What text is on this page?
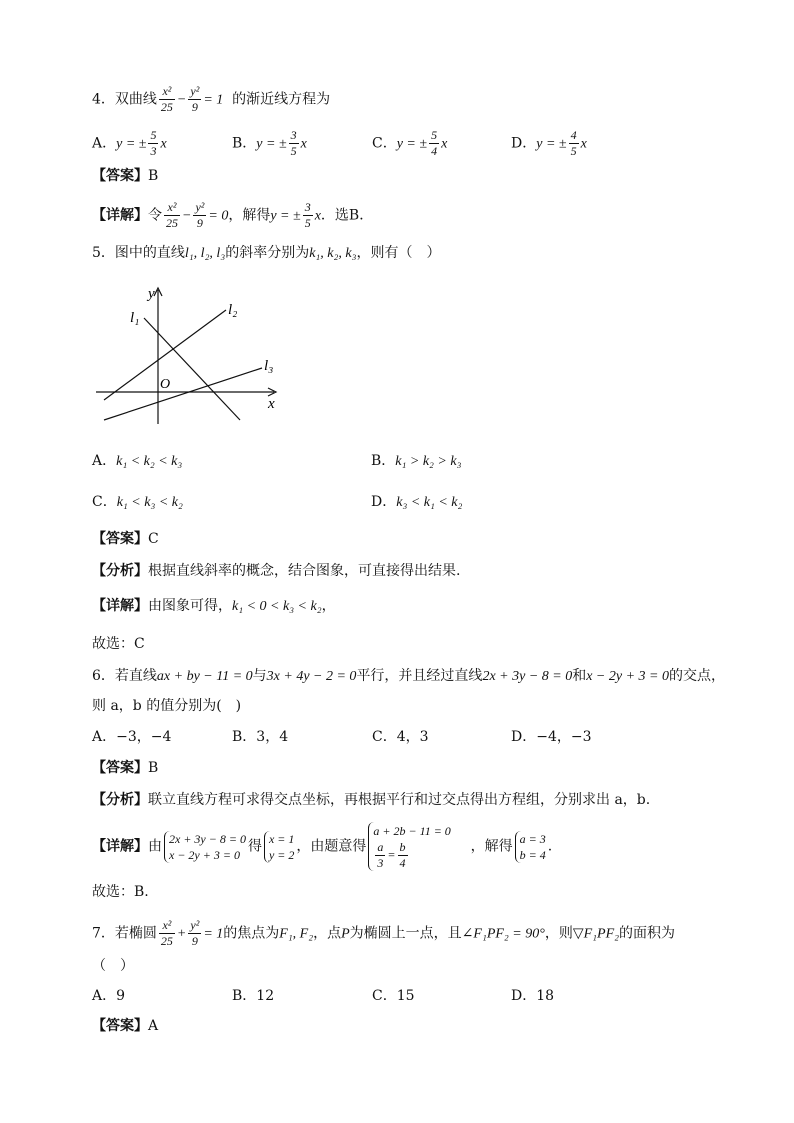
4．双曲线 $\frac{\text{x²}}{25} - \frac{\text{y²}}{9} = 1$ 的渐近线方程为
A．y = ± $\frac{5}{3}$ x	B．y = ± $\frac{3}{5}$ x	C．y = ± $\frac{5}{4}$ x	D．y = ± $\frac{4}{5}$ x
【答案】B
【详解】令 $\frac{\text{x²}}{25} - \frac{\text{y²}}{9} = 0$，解得y = ± $\frac{3}{5}$ x．选B．
5．图中的直线l₁, l₂, l₃的斜率分别为k₁, k₂, k₃，则有（　）
y
x
O
l₁	l₂
l₃
A．k₁ < k₂ < k₃	B．k₁ > k₂ > k₃
C．k₁ < k₃ < k₂	D．k₃ < k₁ < k₂
【答案】C
【分析】根据直线斜率的概念，结合图象，可直接得出结果.
【详解】由图象可得，k₁ < 0 < k₃ < k₂，
故选：C
6．若直线ax + by − 11 = 0与3x + 4y − 2 = 0平行，并且经过直线2x + 3y − 8 = 0和x − 2y + 3 = 0的交点，
则 a，b 的值分别为(　)
A．−3，−4	B．3，4	C．4，3	D．−4，−3
【答案】B
【分析】联立直线方程可求得交点坐标，再根据平行和过交点得出方程组，分别求出 a，b.
【详解】由 2x + 3y − 8 = 0
x − 2y + 3 = 0 得 x = 1
y = 2 ，由题意得
a + 2b − 11 = 0
$\frac{a}{3} = \frac{b}{4}$	，解得 a = 3
b = 4 .
故选：B.
7．若椭圆 $\frac{\text{x²}}{25} + \frac{\text{y²}}{9} = 1$的焦点为F₁, F₂，点P为椭圆上一点，且∠F₁PF₂ = 90°，则▽F₁PF₂的面积为
（　）
A．9	B．12	C．15	D．18
【答案】A
